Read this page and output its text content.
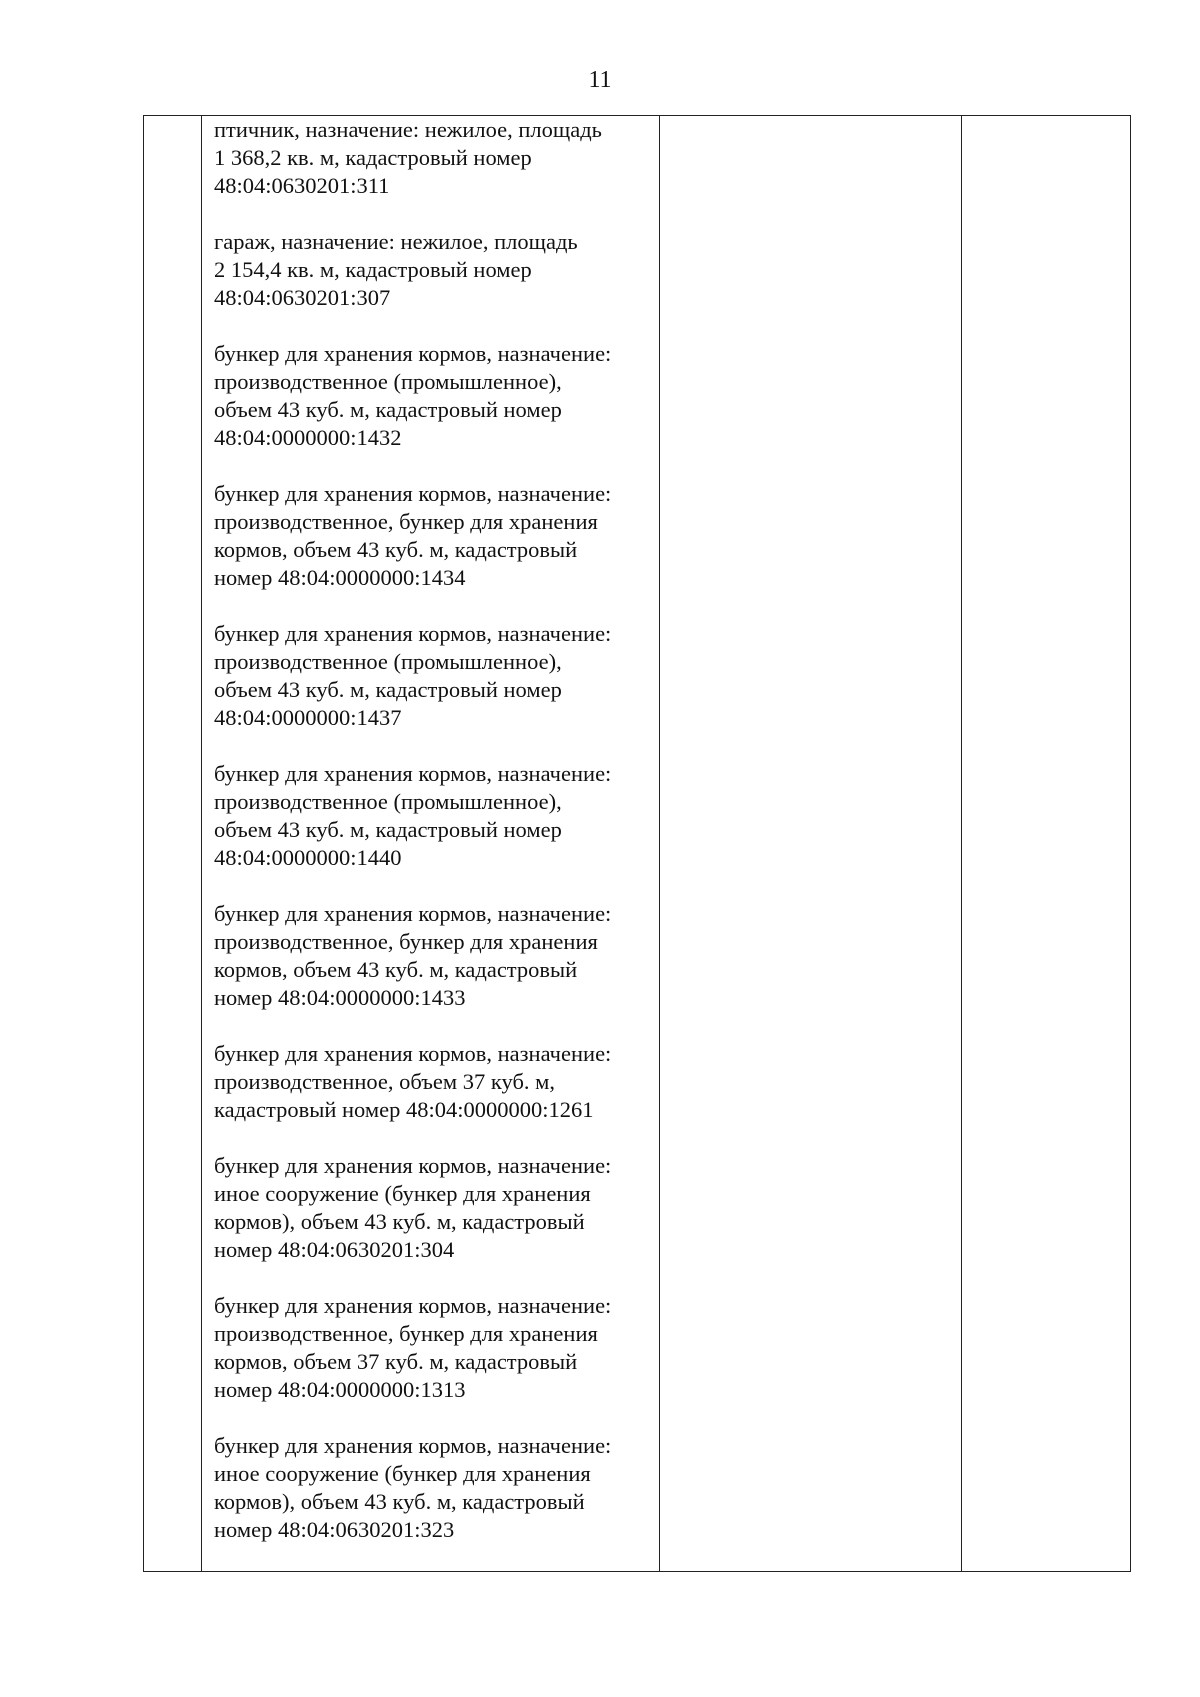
11

птичник, назначение: нежилое, площадь
1 368,2 кв. м, кадастровый номер
48:04:0630201:311

гараж, назначение: нежилое, площадь
2 154,4 кв. м, кадастровый номер
48:04:0630201:307

бункер для хранения кормов, назначение:
производственное (промышленное),
объем 43 куб. м, кадастровый номер
48:04:0000000:1432

бункер для хранения кормов, назначение:
производственное, бункер для хранения
кормов, объем 43 куб. м, кадастровый
номер 48:04:0000000:1434

бункер для хранения кормов, назначение:
производственное (промышленное),
объем 43 куб. м, кадастровый номер
48:04:0000000:1437

бункер для хранения кормов, назначение:
производственное (промышленное),
объем 43 куб. м, кадастровый номер
48:04:0000000:1440

бункер для хранения кормов, назначение:
производственное, бункер для хранения
кормов, объем 43 куб. м, кадастровый
номер 48:04:0000000:1433

бункер для хранения кормов, назначение:
производственное, объем 37 куб. м,
кадастровый номер 48:04:0000000:1261

бункер для хранения кормов, назначение:
иное сооружение (бункер для хранения
кормов), объем 43 куб. м, кадастровый
номер 48:04:0630201:304

бункер для хранения кормов, назначение:
производственное, бункер для хранения
кормов, объем 37 куб. м, кадастровый
номер 48:04:0000000:1313

бункер для хранения кормов, назначение:
иное сооружение (бункер для хранения
кормов), объем 43 куб. м, кадастровый
номер 48:04:0630201:323
